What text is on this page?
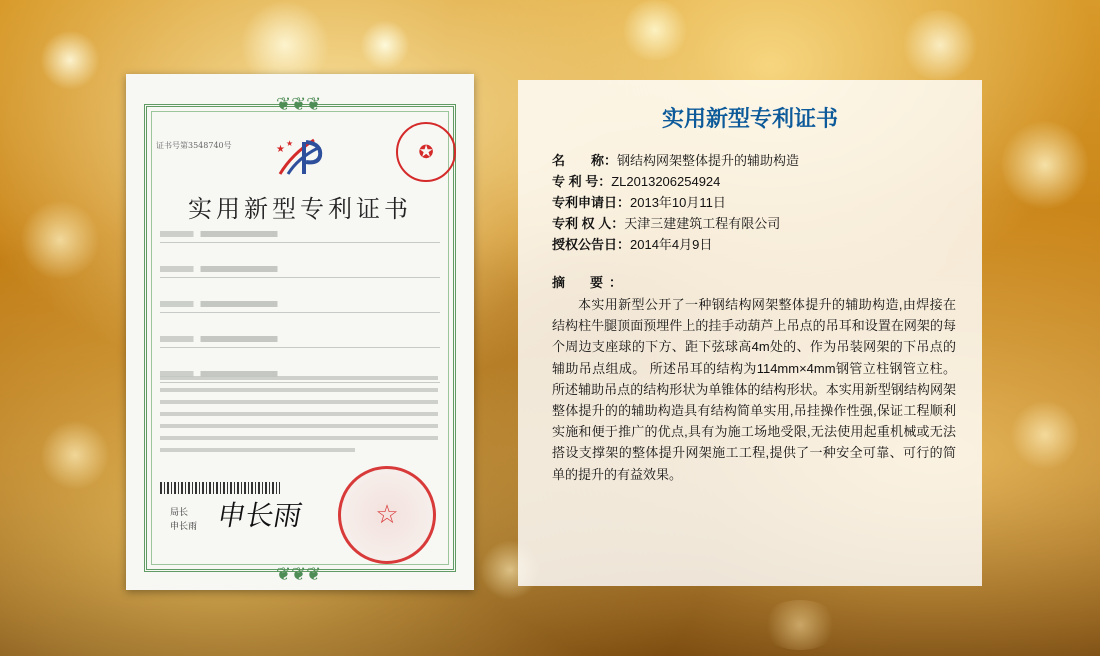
❦❦❦
❦❦❦
证书号第3548740号	★
★	✪
实用新型专利证书
局长
申长雨 申长雨	☆
实用新型专利证书
名　　称：钢结构网架整体提升的辅助构造
专 利 号：ZL2013206254924
专利申请日：2013年10月11日
专利 权 人：天津三建建筑工程有限公司
授权公告日：2014年4月9日
摘　要：
本实用新型公开了一种钢结构网架整体提升的辅助构造,由焊接在结构柱牛腿顶面预埋件上的挂手动葫芦上吊点的吊耳和设置在网架的每个周边支座球的下方、距下弦球高4m处的、作为吊装网架的下吊点的辅助吊点组成。 所述吊耳的结构为114mm×4mm钢管立柱钢管立柱。所述辅助吊点的结构形状为单锥体的结构形状。本实用新型钢结构网架整体提升的的辅助构造具有结构简单实用,吊挂操作性强,保证工程顺利实施和便于推广的优点,具有为施工场地受限,无法使用起重机械或无法搭设支撑架的整体提升网架施工工程,提供了一种安全可靠、可行的简单的提升的有益效果。
